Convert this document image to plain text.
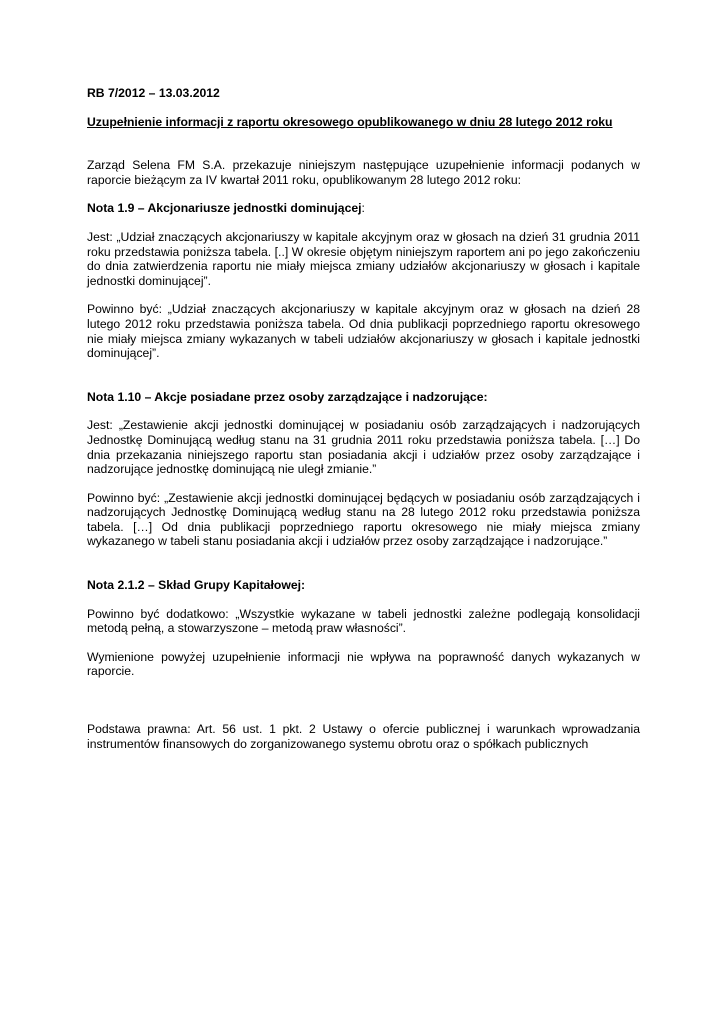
RB 7/2012 – 13.03.2012

Uzupełnienie informacji z raportu okresowego opublikowanego w dniu 28 lutego 2012 roku

Zarząd Selena FM S.A. przekazuje niniejszym następujące uzupełnienie informacji podanych w raporcie bieżącym za IV kwartał 2011 roku, opublikowanym 28 lutego 2012 roku:

Nota 1.9 – Akcjonariusze jednostki dominującej:

Jest: „Udział znaczących akcjonariuszy w kapitale akcyjnym oraz w głosach na dzień 31 grudnia 2011 roku przedstawia poniższa tabela. [..] W okresie objętym niniejszym raportem ani po jego zakończeniu do dnia zatwierdzenia raportu nie miały miejsca zmiany udziałów akcjonariuszy w głosach i kapitale jednostki dominującej”.

Powinno być: „Udział znaczących akcjonariuszy w kapitale akcyjnym oraz w głosach na dzień 28 lutego 2012 roku przedstawia poniższa tabela. Od dnia publikacji poprzedniego raportu okresowego nie miały miejsca zmiany wykazanych w tabeli udziałów akcjonariuszy w głosach i kapitale jednostki dominującej”.

Nota 1.10 – Akcje posiadane przez osoby zarządzające i nadzorujące:

Jest: „Zestawienie akcji jednostki dominującej w posiadaniu osób zarządzających i nadzorujących Jednostkę Dominującą według stanu na 31 grudnia 2011 roku przedstawia poniższa tabela. […] Do dnia przekazania niniejszego raportu stan posiadania akcji i udziałów przez osoby zarządzające i nadzorujące jednostkę dominującą nie uległ zmianie.”

Powinno być: „Zestawienie akcji jednostki dominującej będących w posiadaniu osób zarządzających i nadzorujących Jednostkę Dominującą według stanu na 28 lutego 2012 roku przedstawia poniższa tabela. […] Od dnia publikacji poprzedniego raportu okresowego nie miały miejsca zmiany wykazanego w tabeli stanu posiadania akcji i udziałów przez osoby zarządzające i nadzorujące.”

Nota 2.1.2 – Skład Grupy Kapitałowej:

Powinno być dodatkowo: „Wszystkie wykazane w tabeli jednostki zależne podlegają konsolidacji metodą pełną, a stowarzyszone – metodą praw własności”.

Wymienione powyżej uzupełnienie informacji nie wpływa na poprawność danych wykazanych w raporcie.

Podstawa prawna: Art. 56 ust. 1 pkt. 2 Ustawy o ofercie publicznej i warunkach wprowadzania instrumentów finansowych do zorganizowanego systemu obrotu oraz o spółkach publicznych
